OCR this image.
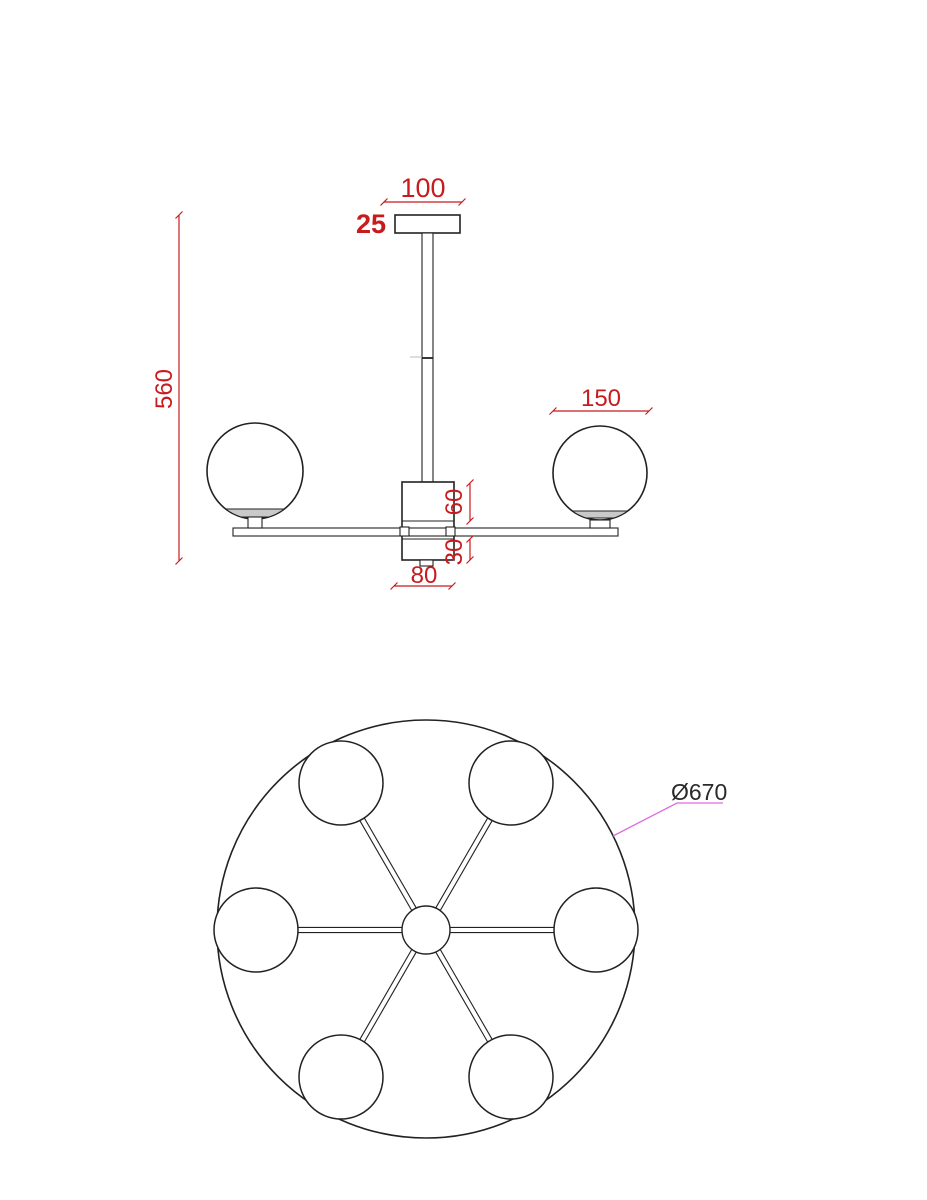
100
25
560	150
60
30
80
Ø670
